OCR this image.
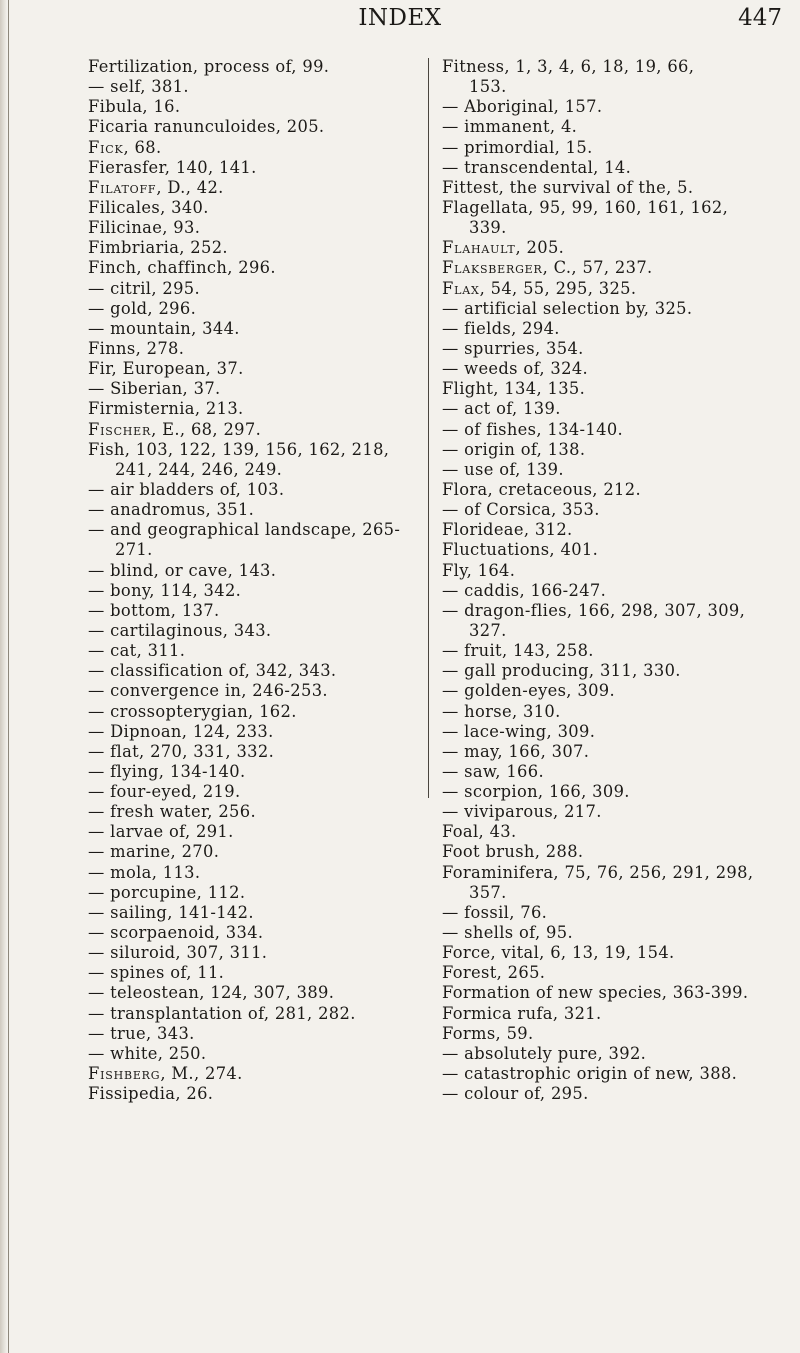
INDEX	447
Fertilization, process of, 99.
— self, 381.
Fibula, 16.
Ficaria ranunculoides, 205.
Fick, 68.
Fierasfer, 140, 141.
Filatoff, D., 42.
Filicales, 340.
Filicinae, 93.
Fimbriaria, 252.
Finch, chaffinch, 296.
— citril, 295.
— gold, 296.
— mountain, 344.
Finns, 278.
Fir, European, 37.
— Siberian, 37.
Firmisternia, 213.
Fischer, E., 68, 297.
Fish, 103, 122, 139, 156, 162, 218,
241, 244, 246, 249.
— air bladders of, 103.
— anadromus, 351.
— and geographical landscape, 265-
271.
— blind, or cave, 143.
— bony, 114, 342.
— bottom, 137.
— cartilaginous, 343.
— cat, 311.
— classification of, 342, 343.
— convergence in, 246-253.
— crossopterygian, 162.
— Dipnoan, 124, 233.
— flat, 270, 331, 332.
— flying, 134-140.
— four-eyed, 219.
— fresh water, 256.
— larvae of, 291.
— marine, 270.
— mola, 113.
— porcupine, 112.
— sailing, 141-142.
— scorpaenoid, 334.
— siluroid, 307, 311.
— spines of, 11.
— teleostean, 124, 307, 389.
— transplantation of, 281, 282.
— true, 343.
— white, 250.
Fishberg, M., 274.
Fissipedia, 26.
Fitness, 1, 3, 4, 6, 18, 19, 66,
153.
— Aboriginal, 157.
— immanent, 4.
— primordial, 15.
— transcendental, 14.
Fittest, the survival of the, 5.
Flagellata, 95, 99, 160, 161, 162,
339.
Flahault, 205.
Flaksberger, C., 57, 237.
Flax, 54, 55, 295, 325.
— artificial selection by, 325.
— fields, 294.
— spurries, 354.
— weeds of, 324.
Flight, 134, 135.
— act of, 139.
— of fishes, 134-140.
— origin of, 138.
— use of, 139.
Flora, cretaceous, 212.
— of Corsica, 353.
Florideae, 312.
Fluctuations, 401.
Fly, 164.
— caddis, 166-247.
— dragon-flies, 166, 298, 307, 309,
327.
— fruit, 143, 258.
— gall producing, 311, 330.
— golden-eyes, 309.
— horse, 310.
— lace-wing, 309.
— may, 166, 307.
— saw, 166.
— scorpion, 166, 309.
— viviparous, 217.
Foal, 43.
Foot brush, 288.
Foraminifera, 75, 76, 256, 291, 298,
357.
— fossil, 76.
— shells of, 95.
Force, vital, 6, 13, 19, 154.
Forest, 265.
Formation of new species, 363-399.
Formica rufa, 321.
Forms, 59.
— absolutely pure, 392.
— catastrophic origin of new, 388.
— colour of, 295.
